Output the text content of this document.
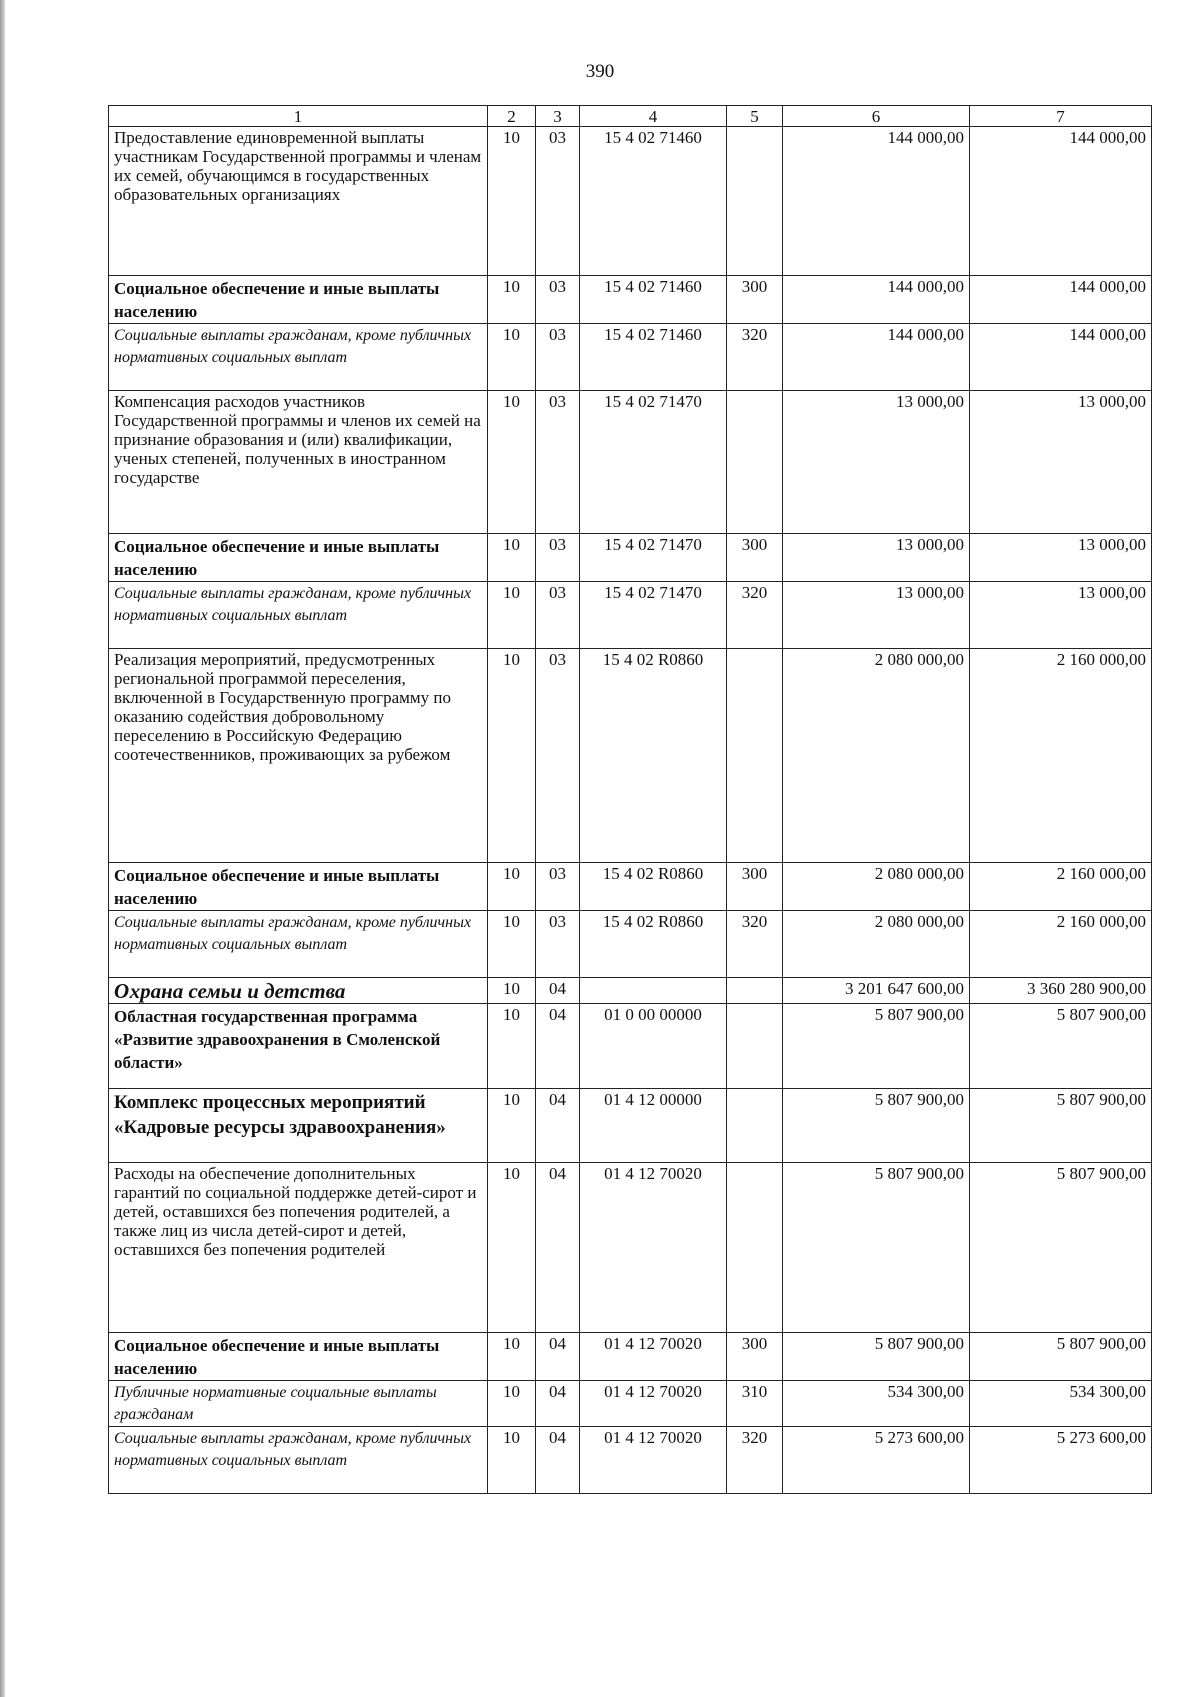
390
1	2	3	4	5	6	7
Предоставление единовременной выплаты участникам Государственной программы и членам их семей, обучающимся в государственных образовательных организациях	10	03	15 4 02 71460		144 000,00	144 000,00
Социальное обеспечение и иные выплаты населению	10	03	15 4 02 71460	300	144 000,00	144 000,00
Социальные выплаты гражданам, кроме публичных нормативных социальных выплат	10	03	15 4 02 71460	320	144 000,00	144 000,00
Компенсация расходов участников Государственной программы и членов их семей на признание образования и (или) квалификации, ученых степеней, полученных в иностранном государстве	10	03	15 4 02 71470		13 000,00	13 000,00
Социальное обеспечение и иные выплаты населению	10	03	15 4 02 71470	300	13 000,00	13 000,00
Социальные выплаты гражданам, кроме публичных нормативных социальных выплат	10	03	15 4 02 71470	320	13 000,00	13 000,00
Реализация мероприятий, предусмотренных региональной программой переселения, включенной в Государственную программу по оказанию содействия добровольному переселению в Российскую Федерацию соотечественников, проживающих за рубежом	10	03	15 4 02 R0860		2 080 000,00	2 160 000,00
Социальное обеспечение и иные выплаты населению	10	03	15 4 02 R0860	300	2 080 000,00	2 160 000,00
Социальные выплаты гражданам, кроме публичных нормативных социальных выплат	10	03	15 4 02 R0860	320	2 080 000,00	2 160 000,00
Охрана семьи и детства	10	04			3 201 647 600,00	3 360 280 900,00
Областная государственная программа «Развитие здравоохранения в Смоленской области»	10	04	01 0 00 00000		5 807 900,00	5 807 900,00
Комплекс процессных мероприятий «Кадровые ресурсы здравоохранения»	10	04	01 4 12 00000		5 807 900,00	5 807 900,00
Расходы на обеспечение дополнительных гарантий по социальной поддержке детей-сирот и детей, оставшихся без попечения родителей, а также лиц из числа детей-сирот и детей, оставшихся без попечения родителей	10	04	01 4 12 70020		5 807 900,00	5 807 900,00
Социальное обеспечение и иные выплаты населению	10	04	01 4 12 70020	300	5 807 900,00	5 807 900,00
Публичные нормативные социальные выплаты гражданам	10	04	01 4 12 70020	310	534 300,00	534 300,00
Социальные выплаты гражданам, кроме публичных нормативных социальных выплат	10	04	01 4 12 70020	320	5 273 600,00	5 273 600,00
